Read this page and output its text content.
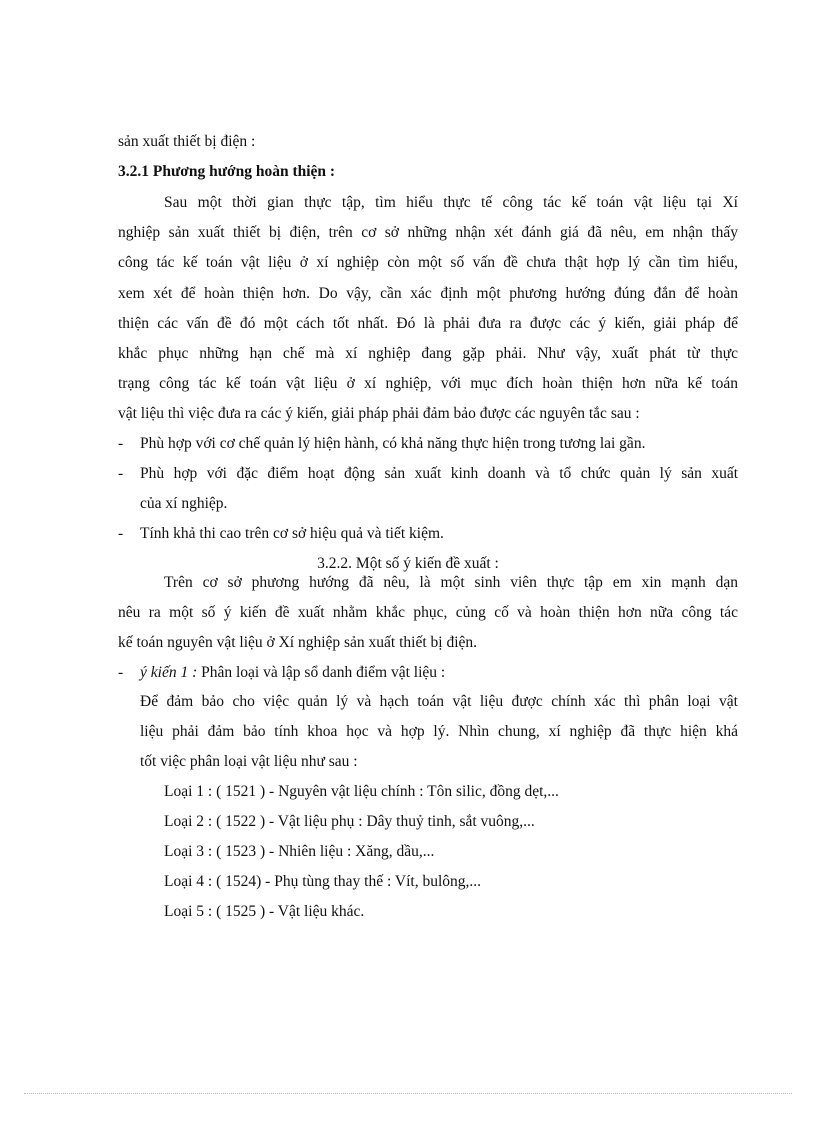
sản xuất thiết bị điện :
3.2.1 Phương hướng hoàn thiện :
Sau một thời gian thực tập, tìm hiểu thực tế công tác kế toán vật liệu tại Xí
nghiệp sản xuất thiết bị điện, trên cơ sở những nhận xét đánh giá đã nêu, em nhận thấy
công tác kế toán vật liệu ở xí nghiệp còn một số vấn đề chưa thật hợp lý cần tìm hiểu,
xem xét để hoàn thiện hơn. Do vậy, cần xác định một phương hướng đúng đắn để hoàn
thiện các vấn đề đó một cách tốt nhất. Đó là phải đưa ra được các ý kiến, giải pháp để
khắc phục những hạn chế mà xí nghiệp đang gặp phải. Như vậy, xuất phát từ thực
trạng công tác kế toán vật liệu ở xí nghiệp, với mục đích hoàn thiện hơn nữa kế toán
vật liệu thì việc đưa ra các ý kiến, giải pháp phải đảm bảo được các nguyên tắc sau :
- Phù hợp với cơ chế quản lý hiện hành, có khả năng thực hiện trong tương lai gần.
- Phù hợp với đặc điểm hoạt động sản xuất kinh doanh và tổ chức quản lý sản xuất
của xí nghiệp.
- Tính khả thi cao trên cơ sở hiệu quả và tiết kiệm.
3.2.2. Một số ý kiến đề xuất :
Trên cơ sở phương hướng đã nêu, là một sinh viên thực tập em xin mạnh dạn
nêu ra một số ý kiến đề xuất nhằm khắc phục, củng cố và hoàn thiện hơn nữa công tác
kế toán nguyên vật liệu ở Xí nghiệp sản xuất thiết bị điện.
- ý kiến 1 : Phân loại và lập sổ danh điểm vật liệu :
Để đảm bảo cho việc quản lý và hạch toán vật liệu được chính xác thì phân loại vật
liệu phải đảm bảo tính khoa học và hợp lý. Nhìn chung, xí nghiệp đã thực hiện khá
tốt việc phân loại vật liệu như sau :
Loại 1 : ( 1521 ) - Nguyên vật liệu chính : Tôn silic, đồng dẹt,...
Loại 2 : ( 1522 ) - Vật liệu phụ : Dây thuỷ tinh, sắt vuông,...
Loại 3 : ( 1523 ) - Nhiên liệu : Xăng, dầu,...
Loại 4 : ( 1524) - Phụ tùng thay thế : Vít, bulông,...
Loại 5 : ( 1525 ) - Vật liệu khác.
